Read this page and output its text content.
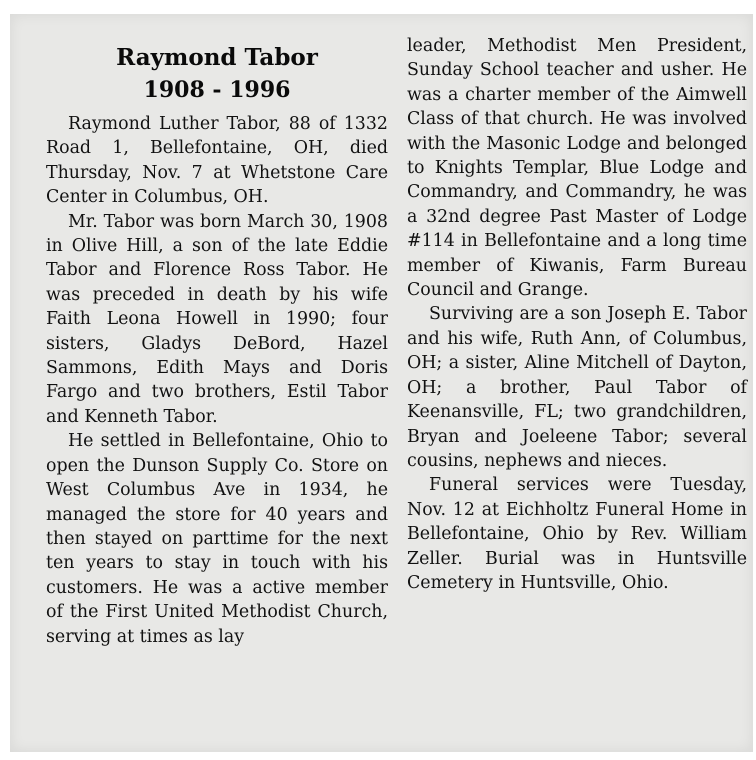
Raymond Tabor
1908 - 1996

Raymond Luther Tabor, 88 of 1332 Road 1, Bellefontaine, OH, died Thursday, Nov. 7 at Whetstone Care Center in Columbus, OH.

Mr. Tabor was born March 30, 1908 in Olive Hill, a son of the late Eddie Tabor and Florence Ross Tabor. He was preceded in death by his wife Faith Leona Howell in 1990; four sisters, Gladys DeBord, Hazel Sammons, Edith Mays and Doris Fargo and two brothers, Estil Tabor and Kenneth Tabor.

He settled in Bellefontaine, Ohio to open the Dunson Supply Co. Store on West Columbus Ave in 1934, he managed the store for 40 years and then stayed on parttime for the next ten years to stay in touch with his customers. He was a active member of the First United Methodist Church, serving at times as lay

leader, Methodist Men President, Sunday School teacher and usher. He was a charter member of the Aimwell Class of that church. He was involved with the Masonic Lodge and belonged to Knights Templar, Blue Lodge and Commandry, and Commandry, he was a 32nd degree Past Master of Lodge #114 in Bellefontaine and a long time member of Kiwanis, Farm Bureau Council and Grange.

Surviving are a son Joseph E. Tabor and his wife, Ruth Ann, of Columbus, OH; a sister, Aline Mitchell of Dayton, OH; a brother, Paul Tabor of Keenansville, FL; two grandchildren, Bryan and Joeleene Tabor; several cousins, nephews and nieces.

Funeral services were Tuesday, Nov. 12 at Eichholtz Funeral Home in Bellefontaine, Ohio by Rev. William Zeller. Burial was in Huntsville Cemetery in Huntsville, Ohio.
